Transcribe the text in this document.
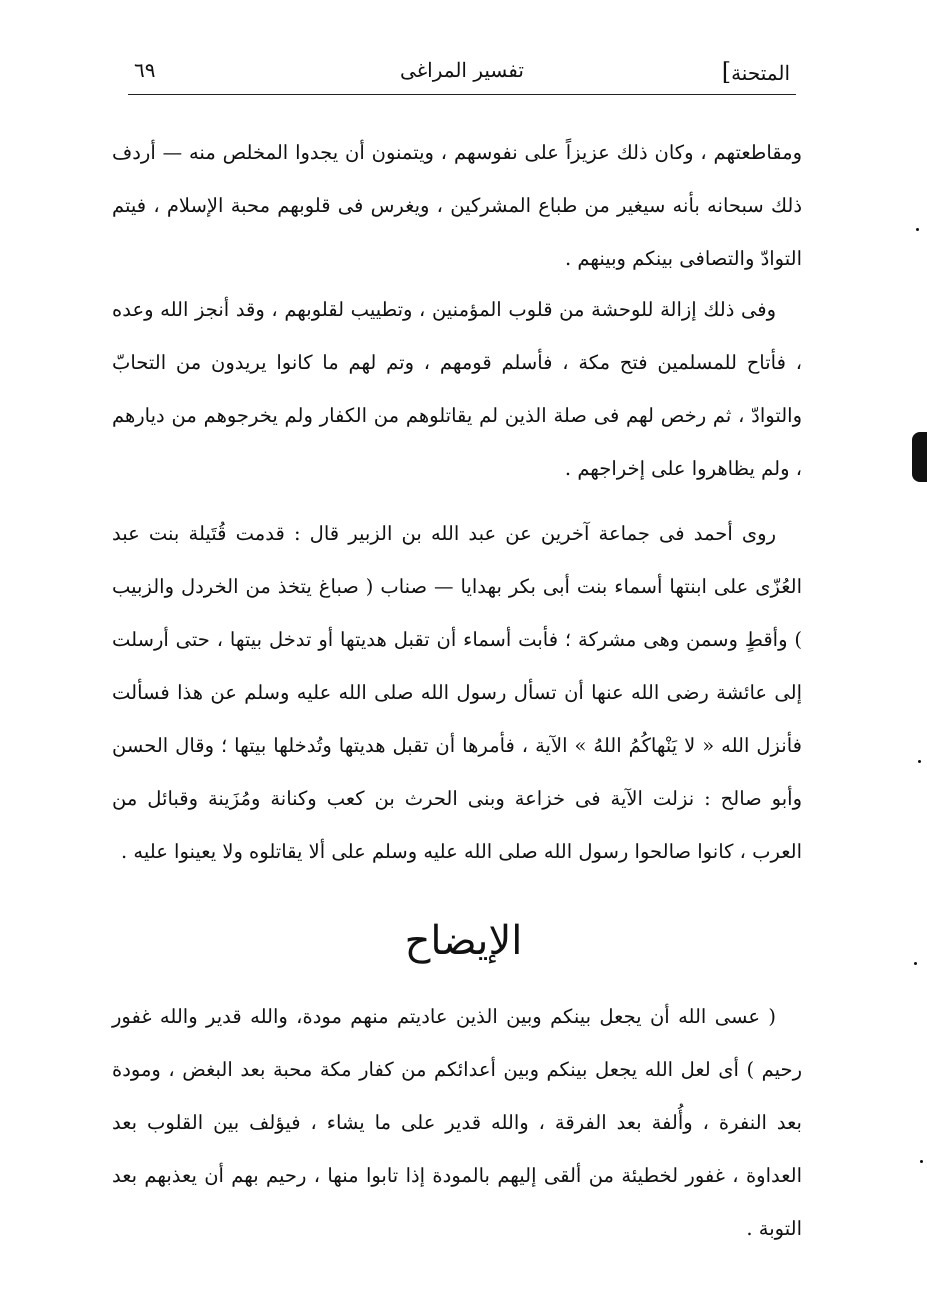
المتحنة]
تفسير المراغى
٦٩

ومقاطعتهم ، وكان ذلك عزيزاً على نفوسهم ، ويتمنون أن يجدوا المخلص منه — أردف ذلك سبحانه بأنه سيغير من طباع المشركين ، ويغرس فى قلوبهم محبة الإسلام ، فيتم التوادّ والتصافى بينكم وبينهم .

وفى ذلك إزالة للوحشة من قلوب المؤمنين ، وتطييب لقلوبهم ، وقد أنجز الله وعده ، فأتاح للمسلمين فتح مكة ، فأسلم قومهم ، وتم لهم ما كانوا يريدون من التحابّ والتوادّ ، ثم رخص لهم فى صلة الذين لم يقاتلوهم من الكفار ولم يخرجوهم من ديارهم ، ولم يظاهروا على إخراجهم .

روى أحمد فى جماعة آخرين عن عبد الله بن الزبير قال : قدمت قُتَيلة بنت عبد العُزّى على ابنتها أسماء بنت أبى بكر بهدايا — صناب ( صباغ يتخذ من الخردل والزبيب ) وأقطٍ وسمن وهى مشركة ؛ فأبت أسماء أن تقبل هديتها أو تدخل بيتها ، حتى أرسلت إلى عائشة رضى الله عنها أن تسأل رسول الله صلى الله عليه وسلم عن هذا فسألت فأنزل الله « لا يَنْهاكُمُ اللهُ » الآية ، فأمرها أن تقبل هديتها وتُدخلها بيتها ؛ وقال الحسن وأبو صالح : نزلت الآية فى خزاعة وبنى الحرث بن كعب وكنانة ومُزَينة وقبائل من العرب ، كانوا صالحوا رسول الله صلى الله عليه وسلم على ألا يقاتلوه ولا يعينوا عليه .

الإيضاح

( عسى الله أن يجعل بينكم وبين الذين عاديتم منهم مودة، والله قدير والله غفور رحيم ) أى لعل الله يجعل بينكم وبين أعدائكم من كفار مكة محبة بعد البغض ، ومودة بعد النفرة ، وأُلفة بعد الفرقة ، والله قدير على ما يشاء ، فيؤلف بين القلوب بعد العداوة ، غفور لخطيئة من ألقى إليهم بالمودة إذا تابوا منها ، رحيم بهم أن يعذبهم بعد التوبة .
